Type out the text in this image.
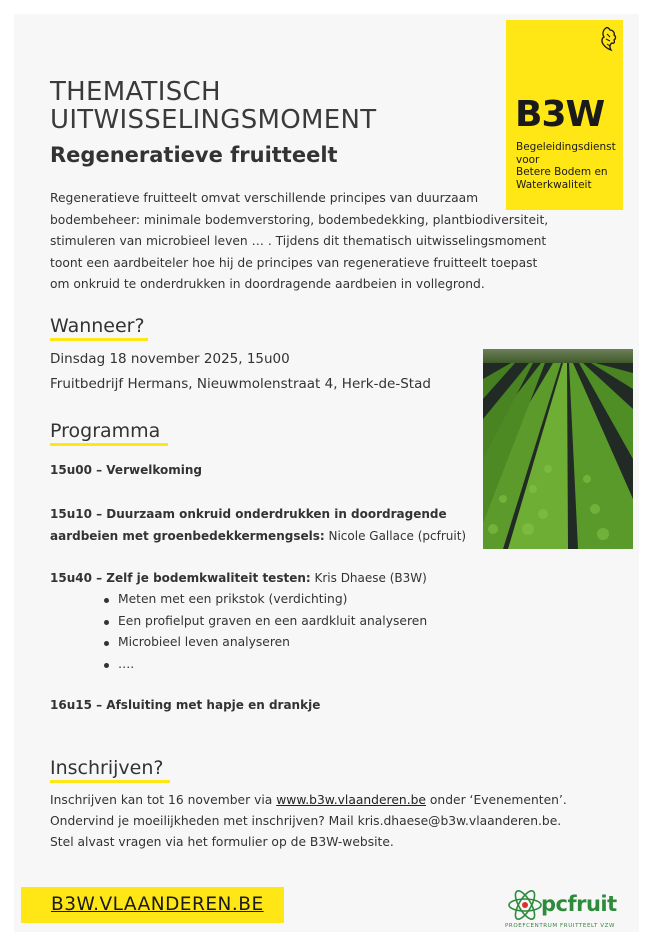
B3W
Begeleidingsdienst
voor
Betere Bodem en
Waterkwaliteit
THEMATISCH
UITWISSELINGSMOMENT
Regeneratieve fruitteelt

Regeneratieve fruitteelt omvat verschillende principes van duurzaam

bodembeheer: minimale bodemverstoring, bodembedekking, plantbiodiversiteit,

stimuleren van microbieel leven … . Tijdens dit thematisch uitwisselingsmoment

toont een aardbeiteler hoe hij de principes van regeneratieve fruitteelt toepast

om onkruid te onderdrukken in doordragende aardbeien in vollegrond.

Wanneer?
Dinsdag 18 november 2025, 15u00
Fruitbedrijf Hermans, Nieuwmolenstraat 4, Herk-de-Stad
Programma
15u00 – Verwelkoming
15u10 – Duurzaam onkruid onderdrukken in doordragende
aardbeien met groenbedekkermengsels: Nicole Gallace (pcfruit)
15u40 – Zelf je bodemkwaliteit testen: Kris Dhaese (B3W)
Meten met een prikstok (verdichting)
Een profielput graven en een aardkluit analyseren
Microbieel leven analyseren
….
16u15 – Afsluiting met hapje en drankje
Inschrijven?
Inschrijven kan tot 16 november via www.b3w.vlaanderen.be onder ‘Evenementen’.
Ondervind je moeilijkheden met inschrijven? Mail kris.dhaese@b3w.vlaanderen.be.
Stel alvast vragen via het formulier op de B3W-website.
B3W.VLAANDEREN.BE	pcfruit
PROEFCENTRUM FRUITTEELT VZW
